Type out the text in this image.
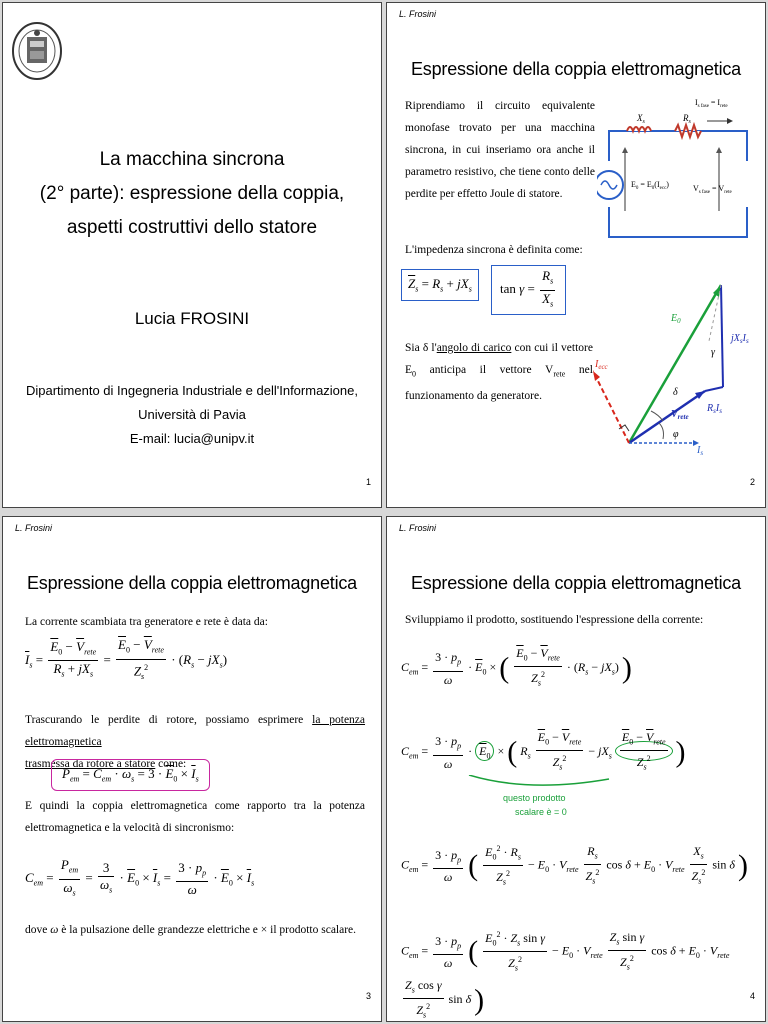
La macchina sincrona
(2° parte): espressione della coppia,
aspetti costruttivi dello statore
Lucia FROSINI
Dipartimento di Ingegneria Industriale e dell'Informazione,
Università di Pavia
E-mail: lucia@unipv.it
1
L. Frosini
Espressione della coppia elettromagnetica
Riprendiamo il circuito equivalente monofase trovato per una macchina sincrona, in cui inseriamo ora anche il parametro resistivo, che tiene conto delle perdite per effetto Joule di statore.
$X_s$	$R_s$
$I_{s fase} = I_{rete}$
$E_0 = E_0(I_{ecc})$	$V_{s fase} = V_{rete}$
L'impedenza sincrona è definita come:
$\overline{Z}_s = R_s + jX_s$	$\tan \gamma = \frac{R_s}{X_s}$
Sia δ l'angolo di carico con cui il vettore $E_0$ anticipa il vettore $V_{rete}$ nel funzionamento da generatore.
$E_0$
$jX_sI_s$
γ
δ
$V_{rete}$
$R_sI_s$
φ
$I_s$
$I_{ecc}$
2
L. Frosini
Espressione della coppia elettromagnetica
La corrente scambiata tra generatore e rete è data da:
$\overline{I}_s = \frac{\overline{E}_0 - \overline{V}_{rete}}{R_s + jX_s} = \frac{\overline{E}_0 - \overline{V}_{rete}}{Z_s^2} \cdot (R_s - jX_s)$
Trascurando le perdite di rotore, possiamo esprimere la potenza elettromagnetica
trasmessa da rotore a statore come:
$P_{em} = C_{em} \cdot \omega_s = 3 \cdot \overline{E}_0 \times \overline{I}_s$
E quindi la coppia elettromagnetica come rapporto tra la potenza elettromagnetica e la velocità di sincronismo:
$C_{em} = \frac{P_{em}}{\omega_s} = \frac{3}{\omega_s} \cdot \overline{E}_0 \times \overline{I}_s = \frac{3 \cdot p_p}{\omega} \cdot \overline{E}_0 \times \overline{I}_s$
dove ω è la pulsazione delle grandezze elettriche e × il prodotto scalare.
3
L. Frosini
Espressione della coppia elettromagnetica
Sviluppiamo il prodotto, sostituendo l'espressione della corrente:
$C_{em} = \frac{3 \cdot p_p}{\omega} \cdot \overline{E}_0$ × ( $\frac{\overline{E}_0 - \overline{V}_{rete}}{Z_s^2} \cdot (R_s - jX_s)$ )
$C_{em} = \frac{3 \cdot p_p}{\omega} \cdot \overline{E}_0$ × ( $R_s \frac{\overline{E}_0 - \overline{V}_{rete}}{Z_s^2} - jX_s \frac{\overline{E}_0 - \overline{V}_{rete}}{Z_s^2}$ )
questo prodotto
scalare è = 0
$C_{em} = \frac{3 \cdot p_p}{\omega}$ ( $\frac{E_0^2 \cdot R_s}{Z_s^2} - E_0 \cdot V_{rete} \frac{R_s}{Z_s^2}$ $\cos \delta + E_0 \cdot V_{rete} \frac{X_s}{Z_s^2}$ sin δ )
$C_{em} = \frac{3 \cdot p_p}{\omega}$ ( $\frac{E_0^2 \cdot Z_s \sin \gamma}{Z_s^2} - E_0 \cdot V_{rete} \frac{Z_s \sin \gamma}{Z_s^2}$ $\cos \delta + E_0 \cdot V_{rete}$
$\frac{Z_s \cos \gamma}{Z_s^2}$ sin δ )	4
